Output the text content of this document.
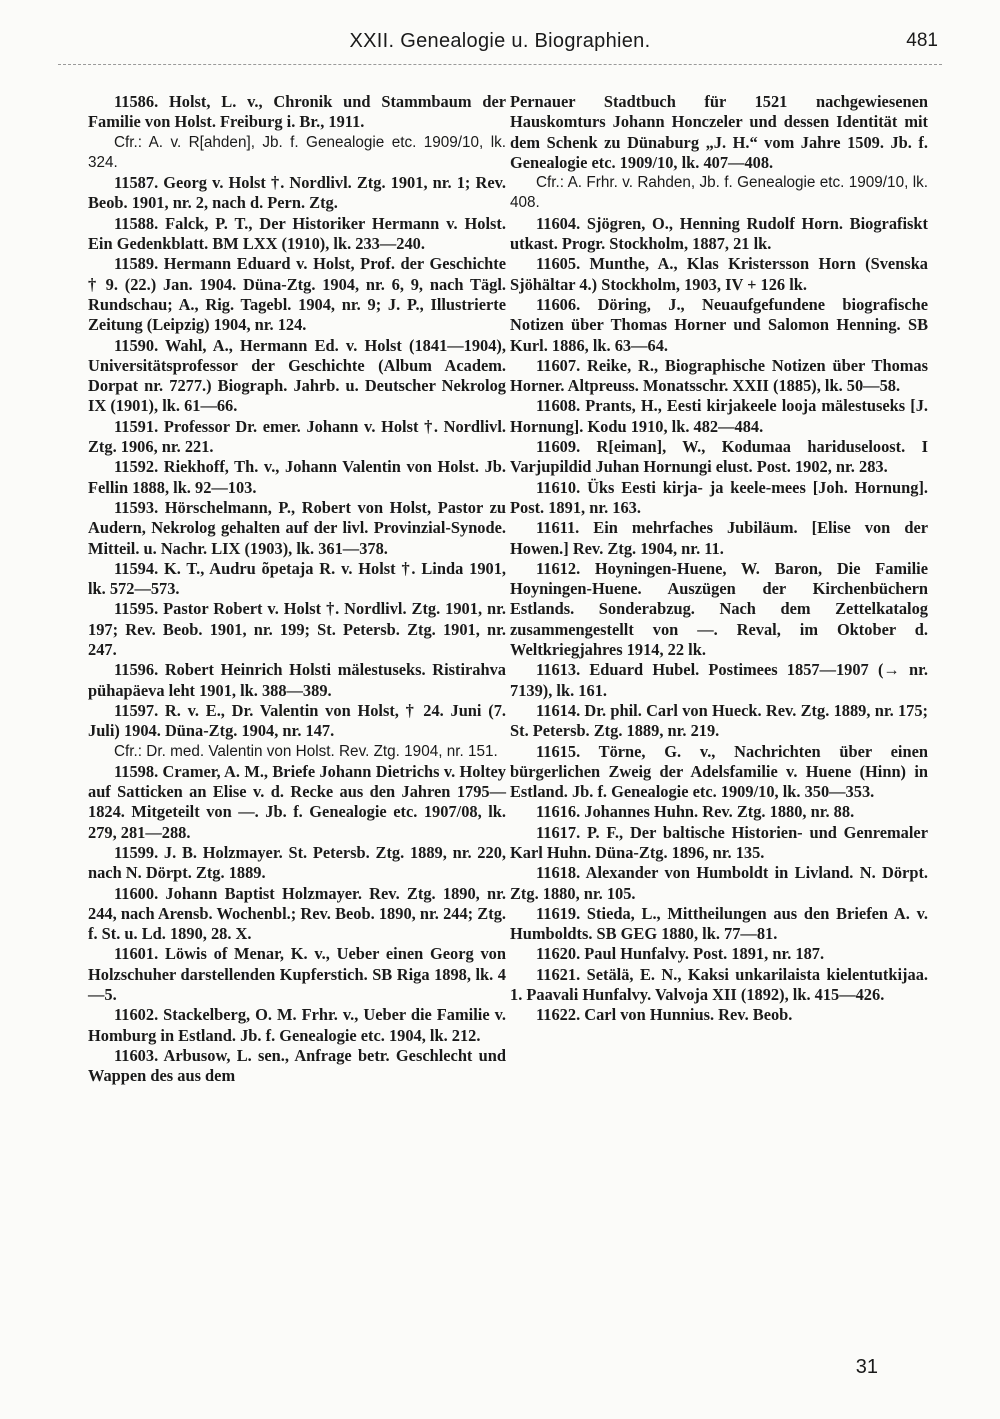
XXII. Genealogie u. Biographien.	481

11586. Holst, L. v., Chronik und Stammbaum der Familie von Holst. Freiburg i. Br., 1911.

Cfr.: A. v. R[ahden], Jb. f. Genealogie etc. 1909/10, lk. 324.

11587. Georg v. Holst †. Nordlivl. Ztg. 1901, nr. 1; Rev. Beob. 1901, nr. 2, nach d. Pern. Ztg.

11588. Falck, P. T., Der Historiker Hermann v. Holst. Ein Gedenkblatt. BM LXX (1910), lk. 233—240.

11589. Hermann Eduard v. Holst, Prof. der Geschichte † 9. (22.) Jan. 1904. Düna-Ztg. 1904, nr. 6, 9, nach Tägl. Rundschau; A., Rig. Tagebl. 1904, nr. 9; J. P., Illustrierte Zeitung (Leipzig) 1904, nr. 124.

11590. Wahl, A., Hermann Ed. v. Holst (1841—1904), Universitätsprofessor der Geschichte (Album Academ. Dorpat nr. 7277.) Biograph. Jahrb. u. Deutscher Nekrolog IX (1901), lk. 61—66.

11591. Professor Dr. emer. Johann v. Holst †. Nordlivl. Ztg. 1906, nr. 221.

11592. Riekhoff, Th. v., Johann Valentin von Holst. Jb. Fellin 1888, lk. 92—103.

11593. Hörschelmann, P., Robert von Holst, Pastor zu Audern, Nekrolog gehalten auf der livl. Provinzial-Synode. Mitteil. u. Nachr. LIX (1903), lk. 361—378.

11594. K. T., Audru õpetaja R. v. Holst †. Linda 1901, lk. 572—573.

11595. Pastor Robert v. Holst †. Nordlivl. Ztg. 1901, nr. 197; Rev. Beob. 1901, nr. 199; St. Petersb. Ztg. 1901, nr. 247.

11596. Robert Heinrich Holsti mälestuseks. Ristirahva pühapäeva leht 1901, lk. 388—389.

11597. R. v. E., Dr. Valentin von Holst, † 24. Juni (7. Juli) 1904. Düna-Ztg. 1904, nr. 147.

Cfr.: Dr. med. Valentin von Holst. Rev. Ztg. 1904, nr. 151.

11598. Cramer, A. M., Briefe Johann Dietrichs v. Holtey auf Satticken an Elise v. d. Recke aus den Jahren 1795—1824. Mitgeteilt von —. Jb. f. Genealogie etc. 1907/08, lk. 279, 281—288.

11599. J. B. Holzmayer. St. Petersb. Ztg. 1889, nr. 220, nach N. Dörpt. Ztg. 1889.

11600. Johann Baptist Holzmayer. Rev. Ztg. 1890, nr. 244, nach Arensb. Wochenbl.; Rev. Beob. 1890, nr. 244; Ztg. f. St. u. Ld. 1890, 28. X.

11601. Löwis of Menar, K. v., Ueber einen Georg von Holzschuher darstellenden Kupferstich. SB Riga 1898, lk. 4—5.

11602. Stackelberg, O. M. Frhr. v., Ueber die Familie v. Homburg in Estland. Jb. f. Genealogie etc. 1904, lk. 212.

11603. Arbusow, L. sen., Anfrage betr. Geschlecht und Wappen des aus dem

Pernauer Stadtbuch für 1521 nachgewiesenen Hauskomturs Johann Honczeler und dessen Identität mit dem Schenk zu Dünaburg „J. H.“ vom Jahre 1509. Jb. f. Genealogie etc. 1909/10, lk. 407—408.

Cfr.: A. Frhr. v. Rahden, Jb. f. Genealogie etc. 1909/10, lk. 408.

11604. Sjögren, O., Henning Rudolf Horn. Biografiskt utkast. Progr. Stockholm, 1887, 21 lk.

11605. Munthe, A., Klas Kristersson Horn (Svenska Sjöhältar 4.) Stockholm, 1903, IV + 126 lk.

11606. Döring, J., Neuaufgefundene biografische Notizen über Thomas Horner und Salomon Henning. SB Kurl. 1886, lk. 63—64.

11607. Reike, R., Biographische Notizen über Thomas Horner. Altpreuss. Monatsschr. XXII (1885), lk. 50—58.

11608. Prants, H., Eesti kirjakeele looja mälestuseks [J. Hornung]. Kodu 1910, lk. 482—484.

11609. R[eiman], W., Kodumaa hariduseloost. I Varjupildid Juhan Hornungi elust. Post. 1902, nr. 283.

11610. Üks Eesti kirja- ja keele-mees [Joh. Hornung]. Post. 1891, nr. 163.

11611. Ein mehrfaches Jubiläum. [Elise von der Howen.] Rev. Ztg. 1904, nr. 11.

11612. Hoyningen-Huene, W. Baron, Die Familie Hoyningen-Huene. Auszügen der Kirchenbüchern Estlands. Sonderabzug. Nach dem Zettelkatalog zusammengestellt von —. Reval, im Oktober d. Weltkriegjahres 1914, 22 lk.

11613. Eduard Hubel. Postimees 1857—1907 (→ nr. 7139), lk. 161.

11614. Dr. phil. Carl von Hueck. Rev. Ztg. 1889, nr. 175; St. Petersb. Ztg. 1889, nr. 219.

11615. Törne, G. v., Nachrichten über einen bürgerlichen Zweig der Adelsfamilie v. Huene (Hinn) in Estland. Jb. f. Genealogie etc. 1909/10, lk. 350—353.

11616. Johannes Huhn. Rev. Ztg. 1880, nr. 88.

11617. P. F., Der baltische Historien- und Genremaler Karl Huhn. Düna-Ztg. 1896, nr. 135.

11618. Alexander von Humboldt in Livland. N. Dörpt. Ztg. 1880, nr. 105.

11619. Stieda, L., Mittheilungen aus den Briefen A. v. Humboldts. SB GEG 1880, lk. 77—81.

11620. Paul Hunfalvy. Post. 1891, nr. 187.

11621. Setälä, E. N., Kaksi unkarilaista kielentutkijaa. 1. Paavali Hunfalvy. Valvoja XII (1892), lk. 415—426.

11622. Carl von Hunnius. Rev. Beob.

31
